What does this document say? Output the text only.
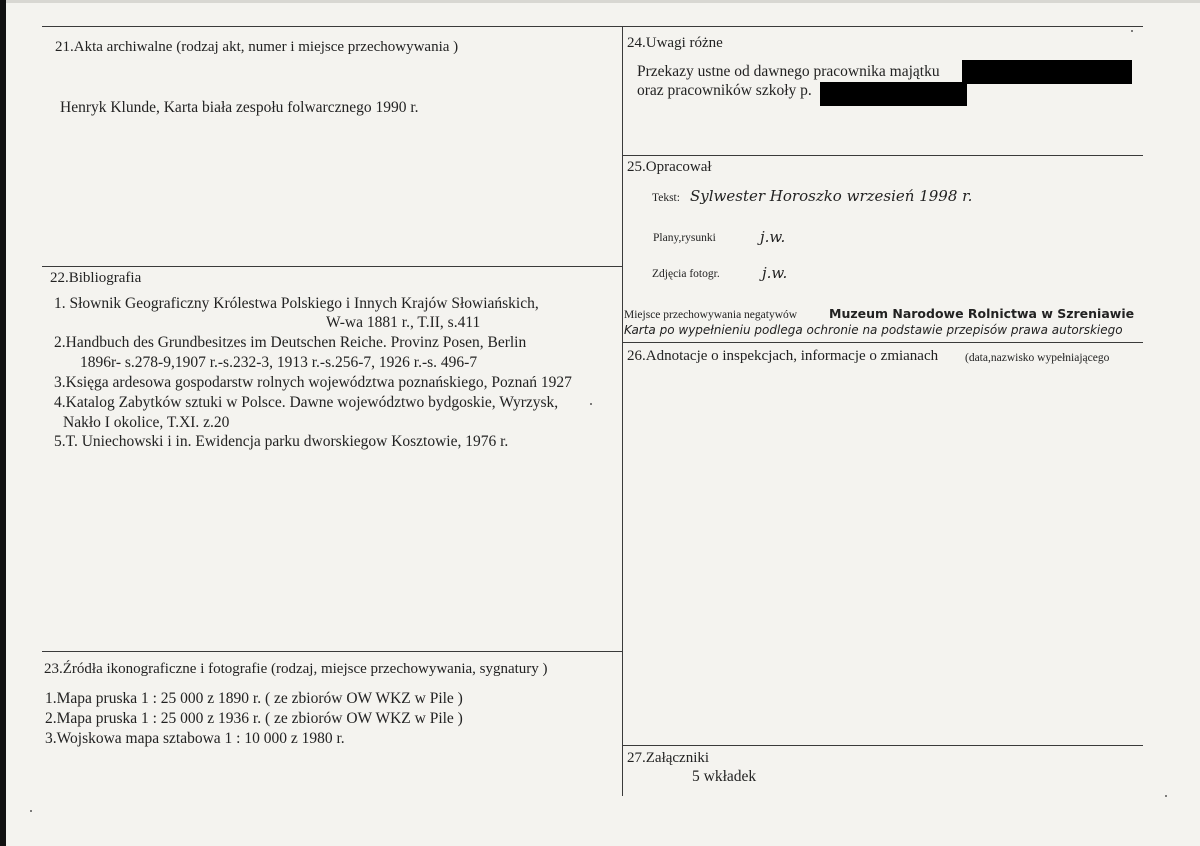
21.Akta archiwalne (rodzaj akt, numer i miejsce przechowywania )
Henryk Klunde, Karta biała zespołu folwarcznego 1990 r.
22.Bibliografia
1. Słownik Geograficzny Królestwa Polskiego i Innych Krajów Słowiańskich,
W-wa 1881 r., T.II, s.411
2.Handbuch des Grundbesitzes im Deutschen Reiche. Provinz Posen, Berlin
1896r- s.278-9,1907 r.-s.232-3, 1913 r.-s.256-7, 1926 r.-s. 496-7
3.Księga ardesowa gospodarstw rolnych województwa poznańskiego, Poznań 1927
4.Katalog Zabytków sztuki w Polsce. Dawne województwo bydgoskie, Wyrzysk,
Nakło I okolice, T.XI. z.20
5.T. Uniechowski i in. Ewidencja parku dworskiegow Kosztowie, 1976 r.
23.Źródła ikonograficzne i fotografie (rodzaj, miejsce przechowywania, sygnatury )
1.Mapa pruska 1 : 25 000 z 1890 r. ( ze zbiorów OW WKZ w Pile )
2.Mapa pruska 1 : 25 000 z 1936 r. ( ze zbiorów OW WKZ w Pile )
3.Wojskowa mapa sztabowa 1 : 10 000 z 1980 r.
24.Uwagi różne
Przekazy ustne od dawnego pracownika majątku
oraz pracowników szkoły p.
25.Opracował
Tekst: Sylwester Horoszko wrzesień 1998 r.
Plany,rysunki	j.w.
Zdjęcia fotogr.	j.w.
Miejsce przechowywania negatywów	Muzeum Narodowe Rolnictwa w Szreniawie
Karta po wypełnieniu podlega ochronie na podstawie przepisów prawa autorskiego
26.Adnotacje o inspekcjach, informacje o zmianach (data,nazwisko wypełniającego
27.Załączniki
5 wkładek
